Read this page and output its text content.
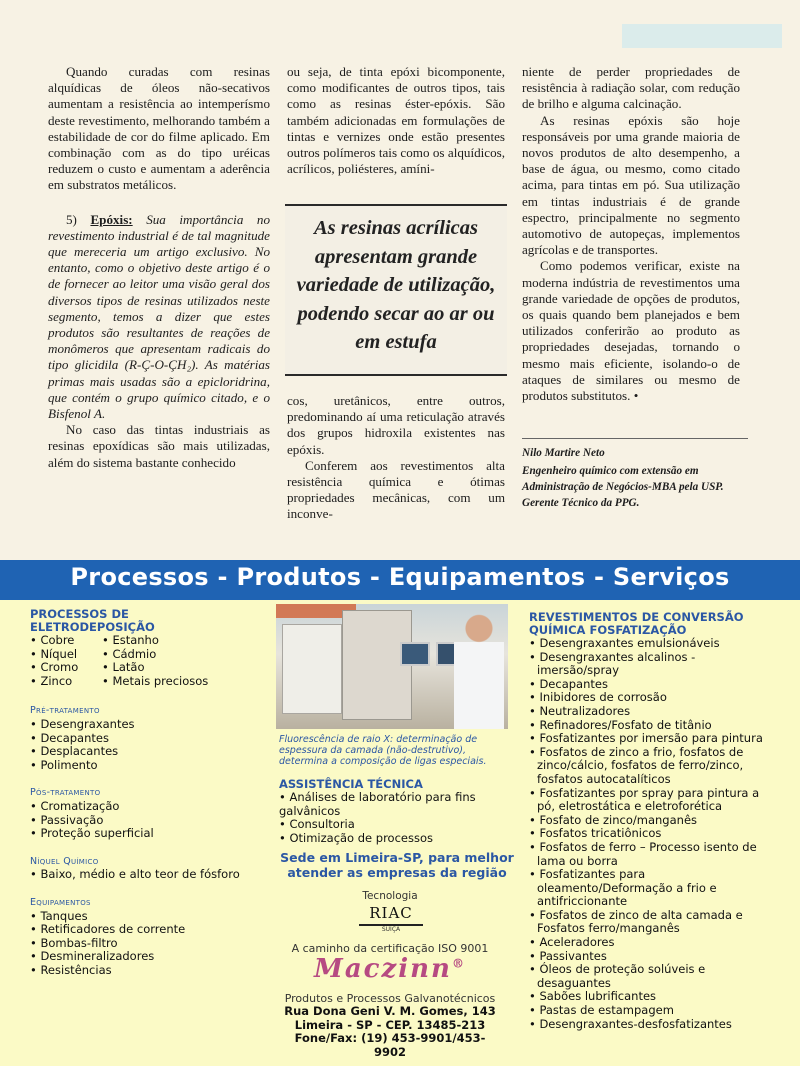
Quando curadas com resinas alquídicas de óleos não-secativos aumentam a resistência ao intemperísmo deste revestimento, melhorando também a estabilidade de cor do filme aplicado. Em combinação com as do tipo uréicas reduzem o custo e aumentam a aderência em substratos metálicos.

5) Epóxis: Sua importância no revestimento industrial é de tal magnitude que mereceria um artigo exclusivo. No entanto, como o objetivo deste artigo é o de fornecer ao leitor uma visão geral dos diversos tipos de resinas utilizados neste segmento, temos a dizer que estes produtos são resultantes de reações de monômeros que apresentam radicais do tipo glicidila (R-Ç-O-ÇH₂). As matérias primas mais usadas são a epicloridrina, que contém o grupo químico citado, e o Bisfenol A.

No caso das tintas industriais as resinas epoxídicas são mais utilizadas, além do sistema bastante conhecido

ou seja, de tinta epóxi bicomponente, como modificantes de outros tipos, tais como as resinas éster-epóxis. São também adicionadas em formulações de tintas e vernizes onde estão presentes outros polímeros tais como os alquídicos, acrílicos, poliésteres, amíni-

As resinas acrílicas apresentam grande variedade de utilização, podendo secar ao ar ou em estufa

cos, uretânicos, entre outros, predominando aí uma reticulação através dos grupos hidroxila existentes nas epóxis.

Conferem aos revestimentos alta resistência química e ótimas propriedades mecânicas, com um inconve-

niente de perder propriedades de resistência à radiação solar, com redução de brilho e alguma calcinação.

As resinas epóxis são hoje responsáveis por uma grande maioria de novos produtos de alto desempenho, a base de água, ou mesmo, como citado acima, para tintas em pó. Sua utilização em tintas industriais é de grande espectro, principalmente no segmento automotivo de autopeças, implementos agrícolas e de transportes.

Como podemos verificar, existe na moderna indústria de revestimentos uma grande variedade de opções de produtos, os quais quando bem planejados e bem utilizados conferirão ao produto as propriedades desejadas, tornando o mesmo mais eficiente, isolando-o de ataques de similares ou mesmo de produtos substitutos. •

Nilo Martire Neto
Engenheiro químico com extensão em
Administração de Negócios-MBA pela USP.
Gerente Técnico da PPG.
Processos - Produtos - Equipamentos - Serviços
PROCESSOS DE
ELETRODEPOSIÇÃO
• Cobre
• Níquel
• Cromo
• Zinco
• Estanho
• Cádmio
• Latão
• Metais preciosos
Pré-tratamento
• Desengraxantes
• Decapantes
• Desplacantes
• Polimento
Pós-tratamento
• Cromatização
• Passivação
• Proteção superficial
Níquel Químico
• Baixo, médio e alto teor de fósforo
Equipamentos
• Tanques
• Retificadores de corrente
• Bombas-filtro
• Desmineralizadores
• Resistências
Fluorescência de raio X: determinação de espessura da camada (não-destrutivo), determina a composição de ligas especiais.
ASSISTÊNCIA TÉCNICA
• Análises de laboratório para fins galvânicos
• Consultoria
• Otimização de processos
Sede em Limeira-SP, para melhor atender as empresas da região
Tecnologia
RIAC
SUIÇA
A caminho da certificação ISO 9001
Maczinn®
Produtos e Processos Galvanotécnicos
Rua Dona Geni V. M. Gomes, 143
Limeira - SP - CEP. 13485-213
Fone/Fax: (19) 453-9901/453-9902
REVESTIMENTOS DE CONVERSÃO
QUÍMICA FOSFATIZAÇÃO
• Desengraxantes emulsionáveis
• Desengraxantes alcalinos - imersão/spray
• Decapantes
• Inibidores de corrosão
• Neutralizadores
• Refinadores/Fosfato de titânio
• Fosfatizantes por imersão para pintura
• Fosfatos de zinco a frio, fosfatos de zinco/cálcio, fosfatos de ferro/zinco, fosfatos autocatalíticos
• Fosfatizantes por spray para pintura a pó, eletrostática e eletroforética
• Fosfato de zinco/manganês
• Fosfatos tricatiônicos
• Fosfatos de ferro – Processo isento de lama ou borra
• Fosfatizantes para oleamento/Deformação a frio e antifriccionante
• Fosfatos de zinco de alta camada e Fosfatos ferro/manganês
• Aceleradores
• Passivantes
• Óleos de proteção solúveis e desaguantes
• Sabões lubrificantes
• Pastas de estampagem
• Desengraxantes-desfosfatizantes
